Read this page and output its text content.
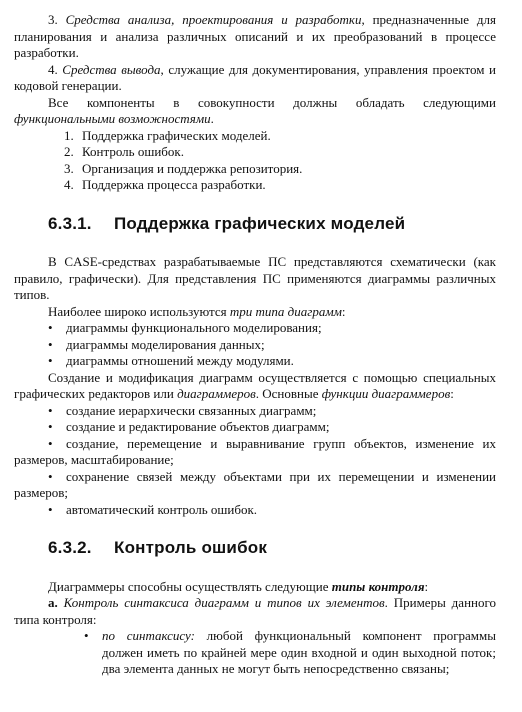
3. Средства анализа, проектирования и разработки, предназначенные для планирования и анализа различных описаний и их преобразований в процессе разработки.

4. Средства вывода, служащие для документирования, управления проектом и кодовой генерации.

Все компоненты в совокупности должны обладать следующими функциональными возможностями.

1. Поддержка графических моделей.

2. Контроль ошибок.

3. Организация и поддержка репозитория.

4. Поддержка процесса разработки.

6.3.1. Поддержка графических моделей

В CASE-средствах разрабатываемые ПС представляются схематически (как правило, графически). Для представления ПС применяются диаграммы различных типов.

Наиболее широко используются три типа диаграмм:

• диаграммы функционального моделирования;

• диаграммы моделирования данных;

• диаграммы отношений между модулями.

Создание и модификация диаграмм осуществляется с помощью специальных графических редакторов или диаграммеров. Основные функции диаграммеров:

• создание иерархически связанных диаграмм;

• создание и редактирование объектов диаграмм;

• создание, перемещение и выравнивание групп объектов, изменение их размеров, масштабирование;

• сохранение связей между объектами при их перемещении и изменении размеров;

• автоматический контроль ошибок.

6.3.2. Контроль ошибок

Диаграммеры способны осуществлять следующие типы контроля:

а. Контроль синтаксиса диаграмм и типов их элементов. Примеры данного типа контроля:

• по синтаксису: любой функциональный компонент программы должен иметь по крайней мере один входной и один выходной поток; два элемента данных не могут быть непосредственно связаны;
